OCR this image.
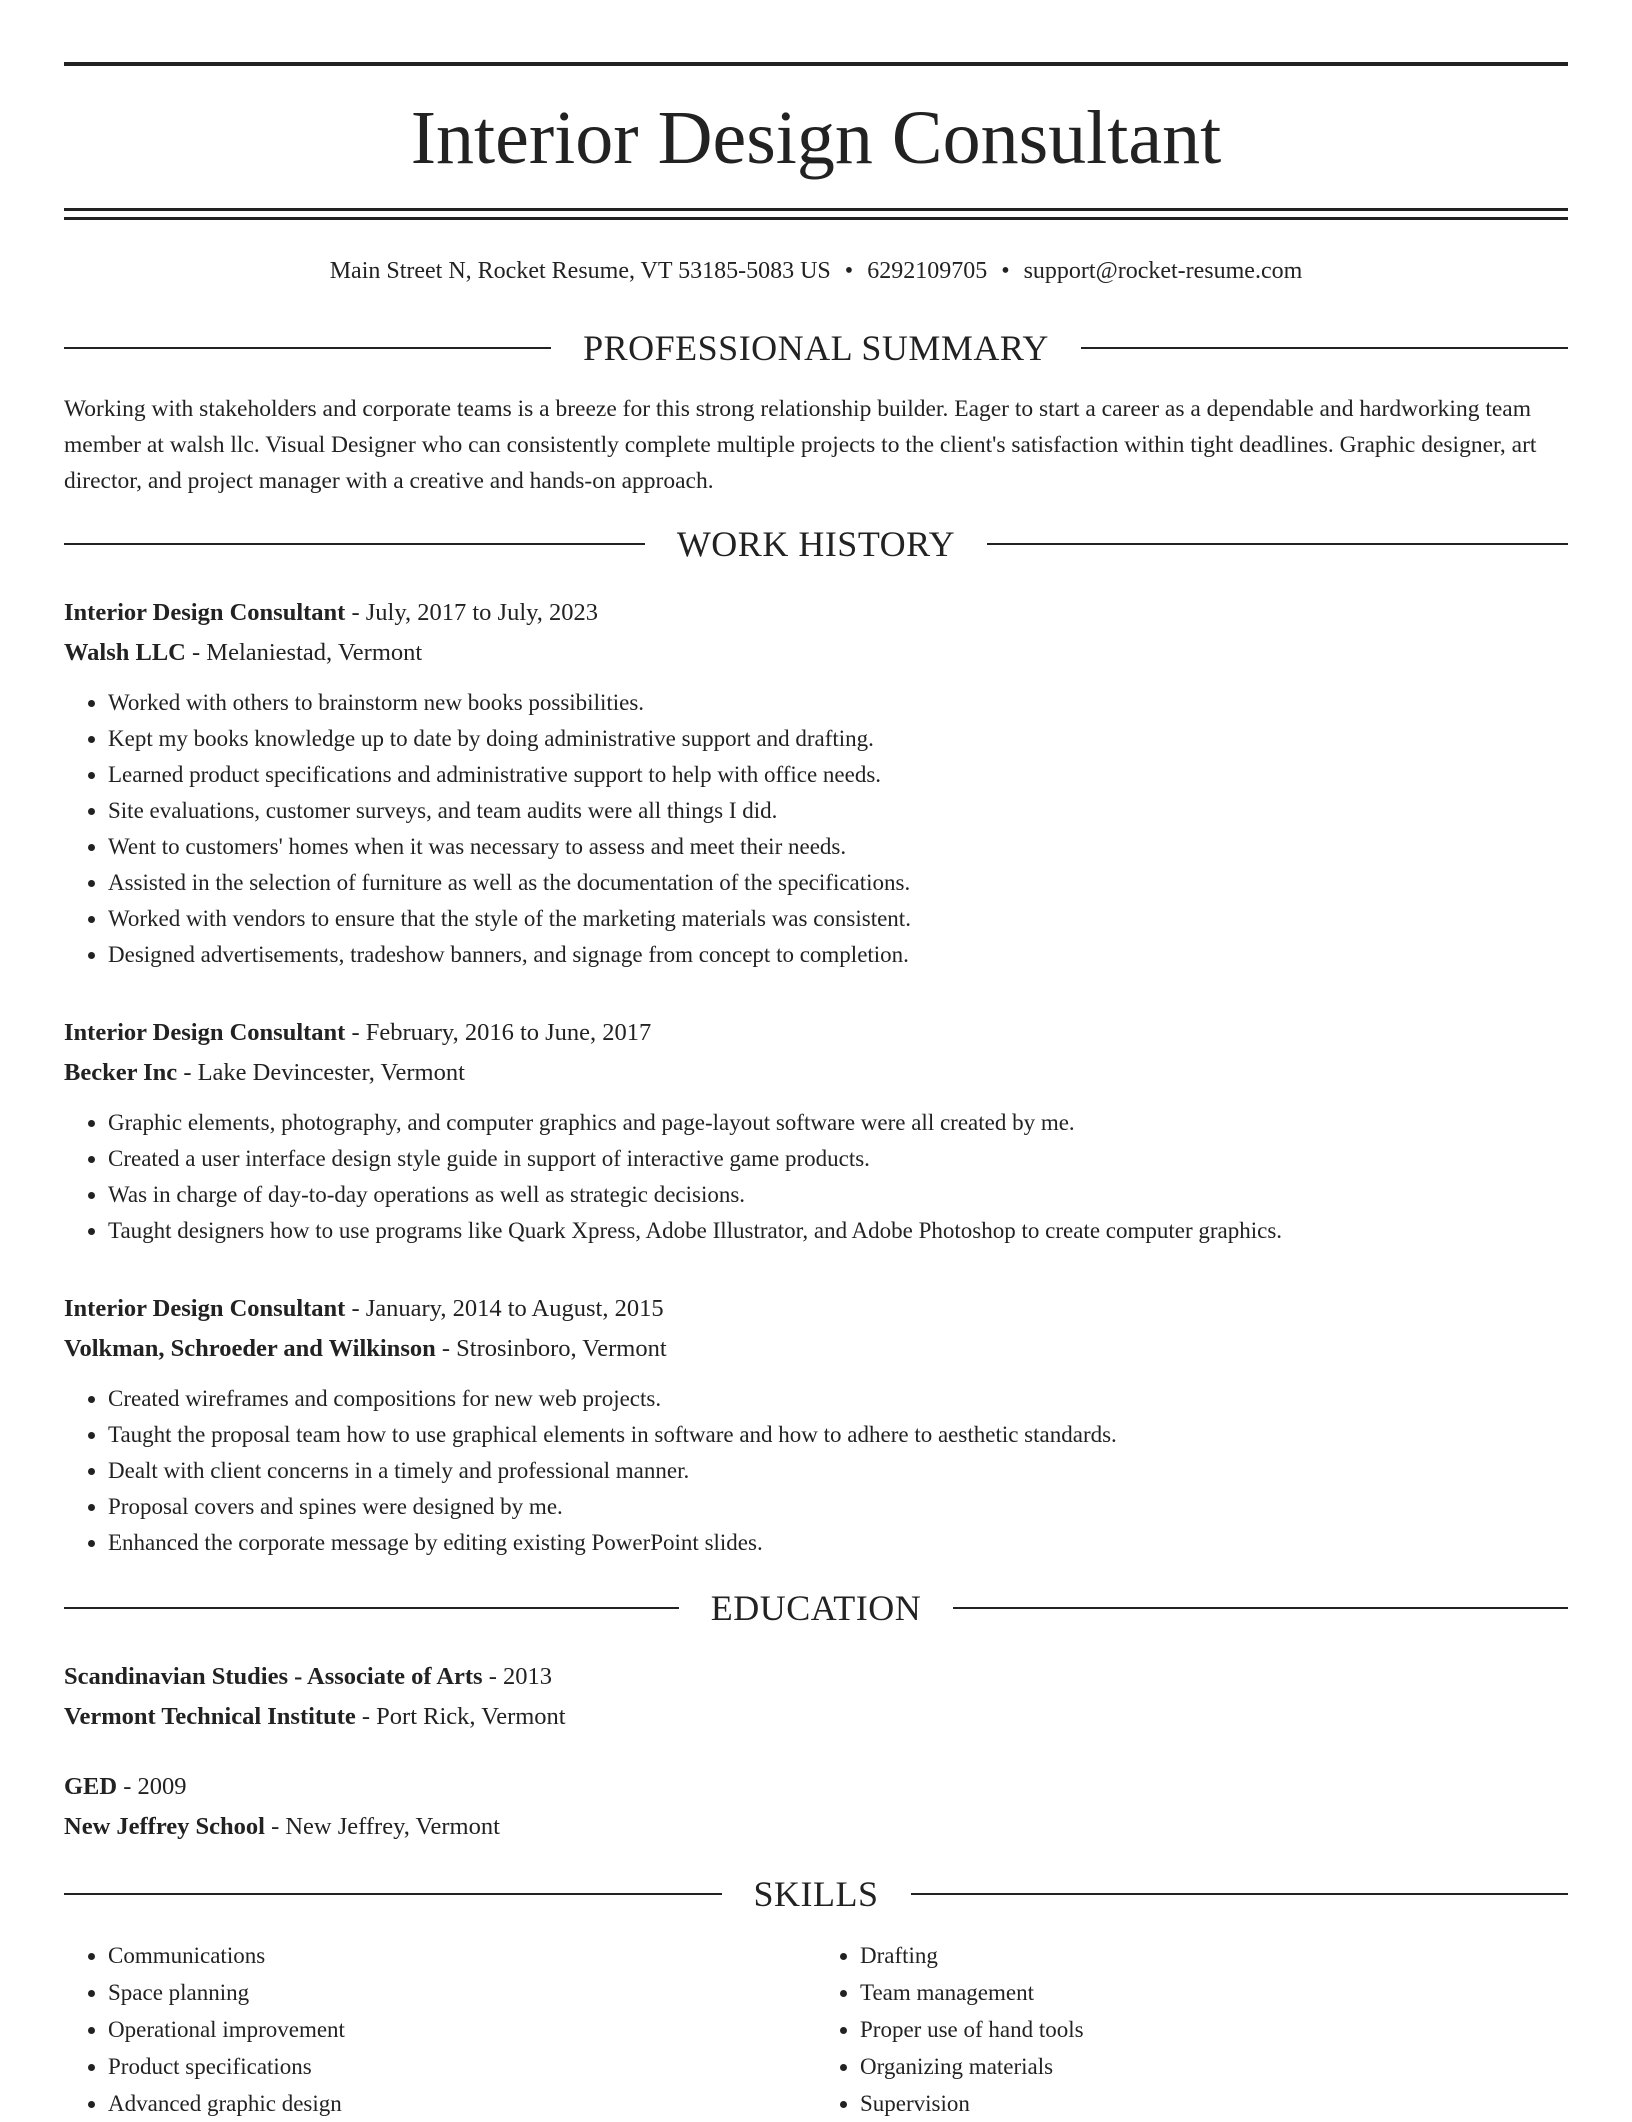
Interior Design Consultant
Main Street N, Rocket Resume, VT 53185-5083 US • 6292109705 • support@rocket-resume.com
PROFESSIONAL SUMMARY

Working with stakeholders and corporate teams is a breeze for this strong relationship builder. Eager to start a career as a dependable and hardworking team member at walsh llc. Visual Designer who can consistently complete multiple projects to the client's satisfaction within tight deadlines. Graphic designer, art director, and project manager with a creative and hands-on approach.

WORK HISTORY
Interior Design Consultant - July, 2017 to July, 2023
Walsh LLC - Melaniestad, Vermont
• Worked with others to brainstorm new books possibilities.
• Kept my books knowledge up to date by doing administrative support and drafting.
• Learned product specifications and administrative support to help with office needs.
• Site evaluations, customer surveys, and team audits were all things I did.
• Went to customers' homes when it was necessary to assess and meet their needs.
• Assisted in the selection of furniture as well as the documentation of the specifications.
• Worked with vendors to ensure that the style of the marketing materials was consistent.
• Designed advertisements, tradeshow banners, and signage from concept to completion.
Interior Design Consultant - February, 2016 to June, 2017
Becker Inc - Lake Devincester, Vermont
• Graphic elements, photography, and computer graphics and page-layout software were all created by me.
• Created a user interface design style guide in support of interactive game products.
• Was in charge of day-to-day operations as well as strategic decisions.
• Taught designers how to use programs like Quark Xpress, Adobe Illustrator, and Adobe Photoshop to create computer graphics.
Interior Design Consultant - January, 2014 to August, 2015
Volkman, Schroeder and Wilkinson - Strosinboro, Vermont
• Created wireframes and compositions for new web projects.
• Taught the proposal team how to use graphical elements in software and how to adhere to aesthetic standards.
• Dealt with client concerns in a timely and professional manner.
• Proposal covers and spines were designed by me.
• Enhanced the corporate message by editing existing PowerPoint slides.
EDUCATION
Scandinavian Studies - Associate of Arts - 2013
Vermont Technical Institute - Port Rick, Vermont
GED - 2009
New Jeffrey School - New Jeffrey, Vermont
SKILLS
• Communications
• Space planning
• Operational improvement
• Product specifications
• Advanced graphic design
• Drafting
• Team management
• Proper use of hand tools
• Organizing materials
• Supervision
